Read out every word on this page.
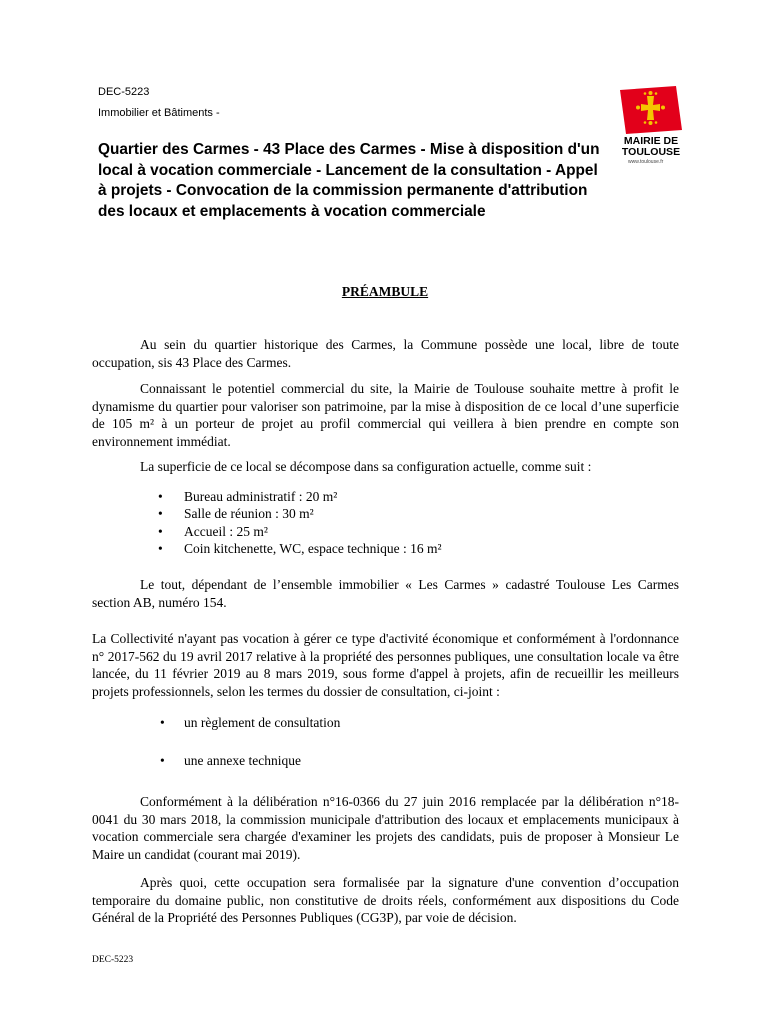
DEC-5223
Immobilier et Bâtiments -
Quartier des Carmes - 43 Place des Carmes - Mise à disposition d'un local à vocation commerciale - Lancement de la consultation - Appel à projets - Convocation de la commission permanente d'attribution des locaux et emplacements à vocation commerciale
MAIRIE DE
TOULOUSE
www.toulouse.fr
PRÉAMBULE

Au sein du quartier historique des Carmes, la Commune possède une local, libre de toute occupation, sis 43 Place des Carmes.

Connaissant le potentiel commercial du site, la Mairie de Toulouse souhaite mettre à profit le dynamisme du quartier pour valoriser son patrimoine, par la mise à disposition de ce local d’une superficie de 105 m² à un porteur de projet au profil commercial qui veillera à bien prendre en compte son environnement immédiat.

La superficie de ce local se décompose dans sa configuration actuelle, comme suit :

• Bureau administratif : 20 m²
• Salle de réunion : 30 m²
• Accueil : 25 m²
• Coin kitchenette, WC, espace technique : 16 m²

Le tout, dépendant de l’ensemble immobilier « Les Carmes » cadastré Toulouse Les Carmes section AB, numéro 154.

La Collectivité n'ayant pas vocation à gérer ce type d'activité économique et conformément à l'ordonnance n° 2017-562 du 19 avril 2017 relative à la propriété des personnes publiques, une consultation locale va être lancée, du 11 février 2019 au 8 mars 2019, sous forme d'appel à projets, afin de recueillir les meilleurs projets professionnels, selon les termes du dossier de consultation, ci-joint :

• un règlement de consultation
• une annexe technique

Conformément à la délibération n°16-0366 du 27 juin 2016 remplacée par la délibération n°18-0041 du 30 mars 2018, la commission municipale d'attribution des locaux et emplacements municipaux à vocation commerciale sera chargée d'examiner les projets des candidats, puis de proposer à Monsieur Le Maire un candidat (courant mai 2019).

Après quoi, cette occupation sera formalisée par la signature d'une convention d’occupation temporaire du domaine public, non constitutive de droits réels, conformément aux dispositions du Code Général de la Propriété des Personnes Publiques (CG3P), par voie de décision.

DEC-5223
